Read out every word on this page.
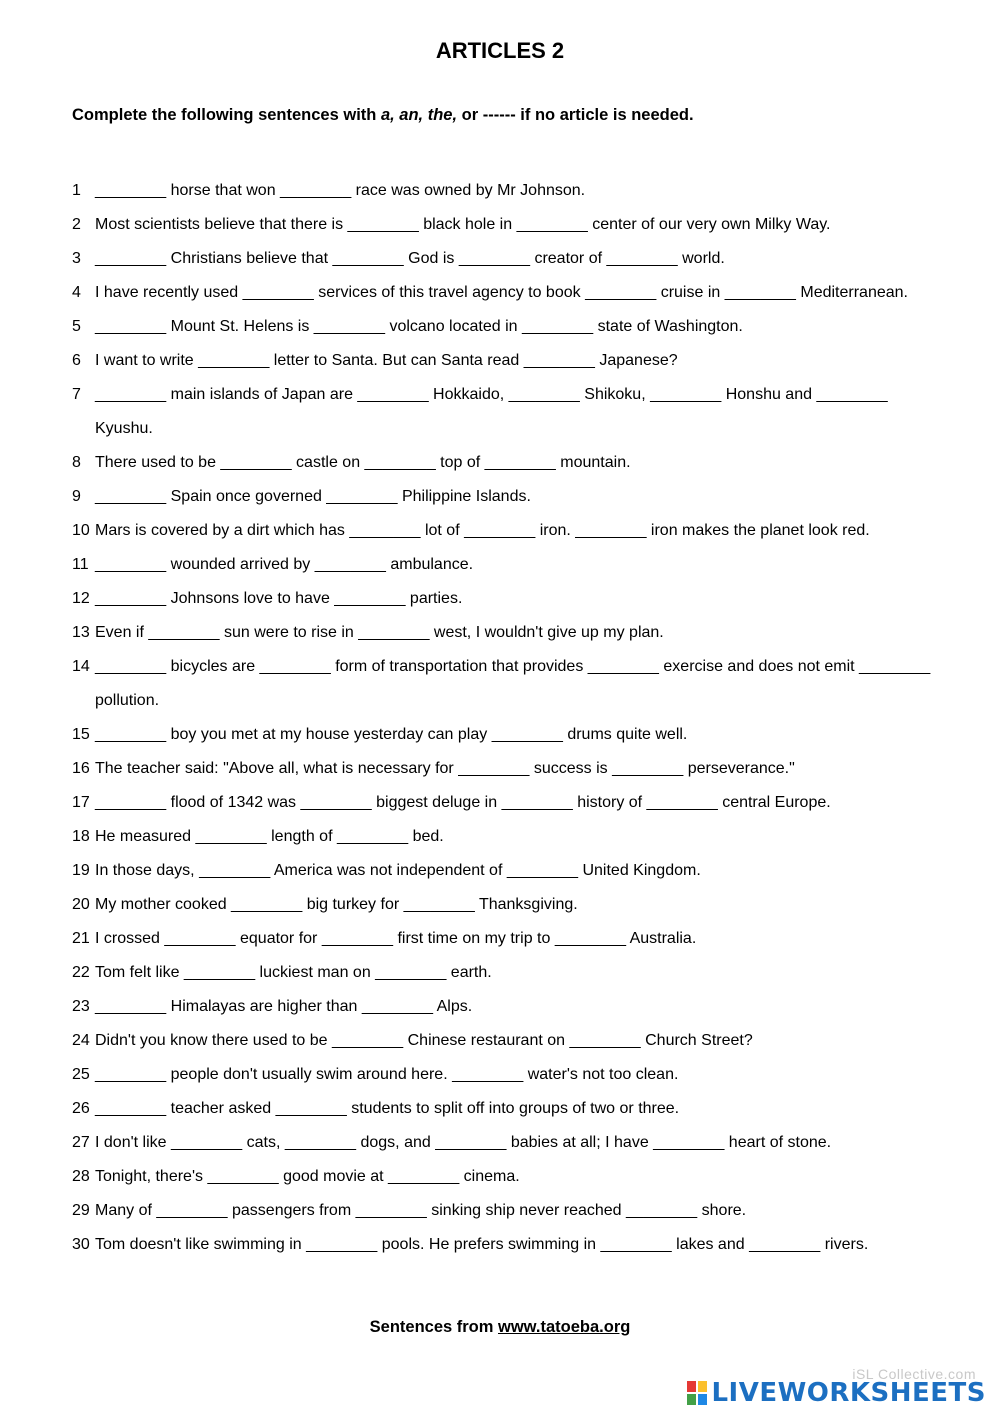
ARTICLES 2

Complete the following sentences with a, an, the, or ------ if no article is needed.

1 ________ horse that won ________ race was owned by Mr Johnson.
2 Most scientists believe that there is ________ black hole in ________ center of our very own Milky Way.
3 ________ Christians believe that ________ God is ________ creator of ________ world.
4 I have recently used ________ services of this travel agency to book ________ cruise in ________ Mediterranean.
5 ________ Mount St. Helens is ________ volcano located in ________ state of Washington.
6 I want to write ________ letter to Santa. But can Santa read ________ Japanese?
7 ________ main islands of Japan are ________ Hokkaido, ________ Shikoku, ________ Honshu and ________ Kyushu.
8 There used to be ________ castle on ________ top of ________ mountain.
9 ________ Spain once governed ________ Philippine Islands.
10 Mars is covered by a dirt which has ________ lot of ________ iron. ________ iron makes the planet look red.
11 ________ wounded arrived by ________ ambulance.
12 ________ Johnsons love to have ________ parties.
13 Even if ________ sun were to rise in ________ west, I wouldn't give up my plan.
14 ________ bicycles are ________ form of transportation that provides ________ exercise and does not emit ________ pollution.
15 ________ boy you met at my house yesterday can play ________ drums quite well.
16 The teacher said: "Above all, what is necessary for ________ success is ________ perseverance."
17 ________ flood of 1342 was ________ biggest deluge in ________ history of ________ central Europe.
18 He measured ________ length of ________ bed.
19 In those days, ________ America was not independent of ________ United Kingdom.
20 My mother cooked ________ big turkey for ________ Thanksgiving.
21 I crossed ________ equator for ________ first time on my trip to ________ Australia.
22 Tom felt like ________ luckiest man on ________ earth.
23 ________ Himalayas are higher than ________ Alps.
24 Didn't you know there used to be ________ Chinese restaurant on ________ Church Street?
25 ________ people don't usually swim around here. ________ water's not too clean.
26 ________ teacher asked ________ students to split off into groups of two or three.
27 I don't like ________ cats, ________ dogs, and ________ babies at all; I have ________ heart of stone.
28 Tonight, there's ________ good movie at ________ cinema.
29 Many of ________ passengers from ________ sinking ship never reached ________ shore.
30 Tom doesn't like swimming in ________ pools. He prefers swimming in ________ lakes and ________ rivers.
Sentences from www.tatoeba.org
iSL Collective.com
LIVEWORKSHEETS
